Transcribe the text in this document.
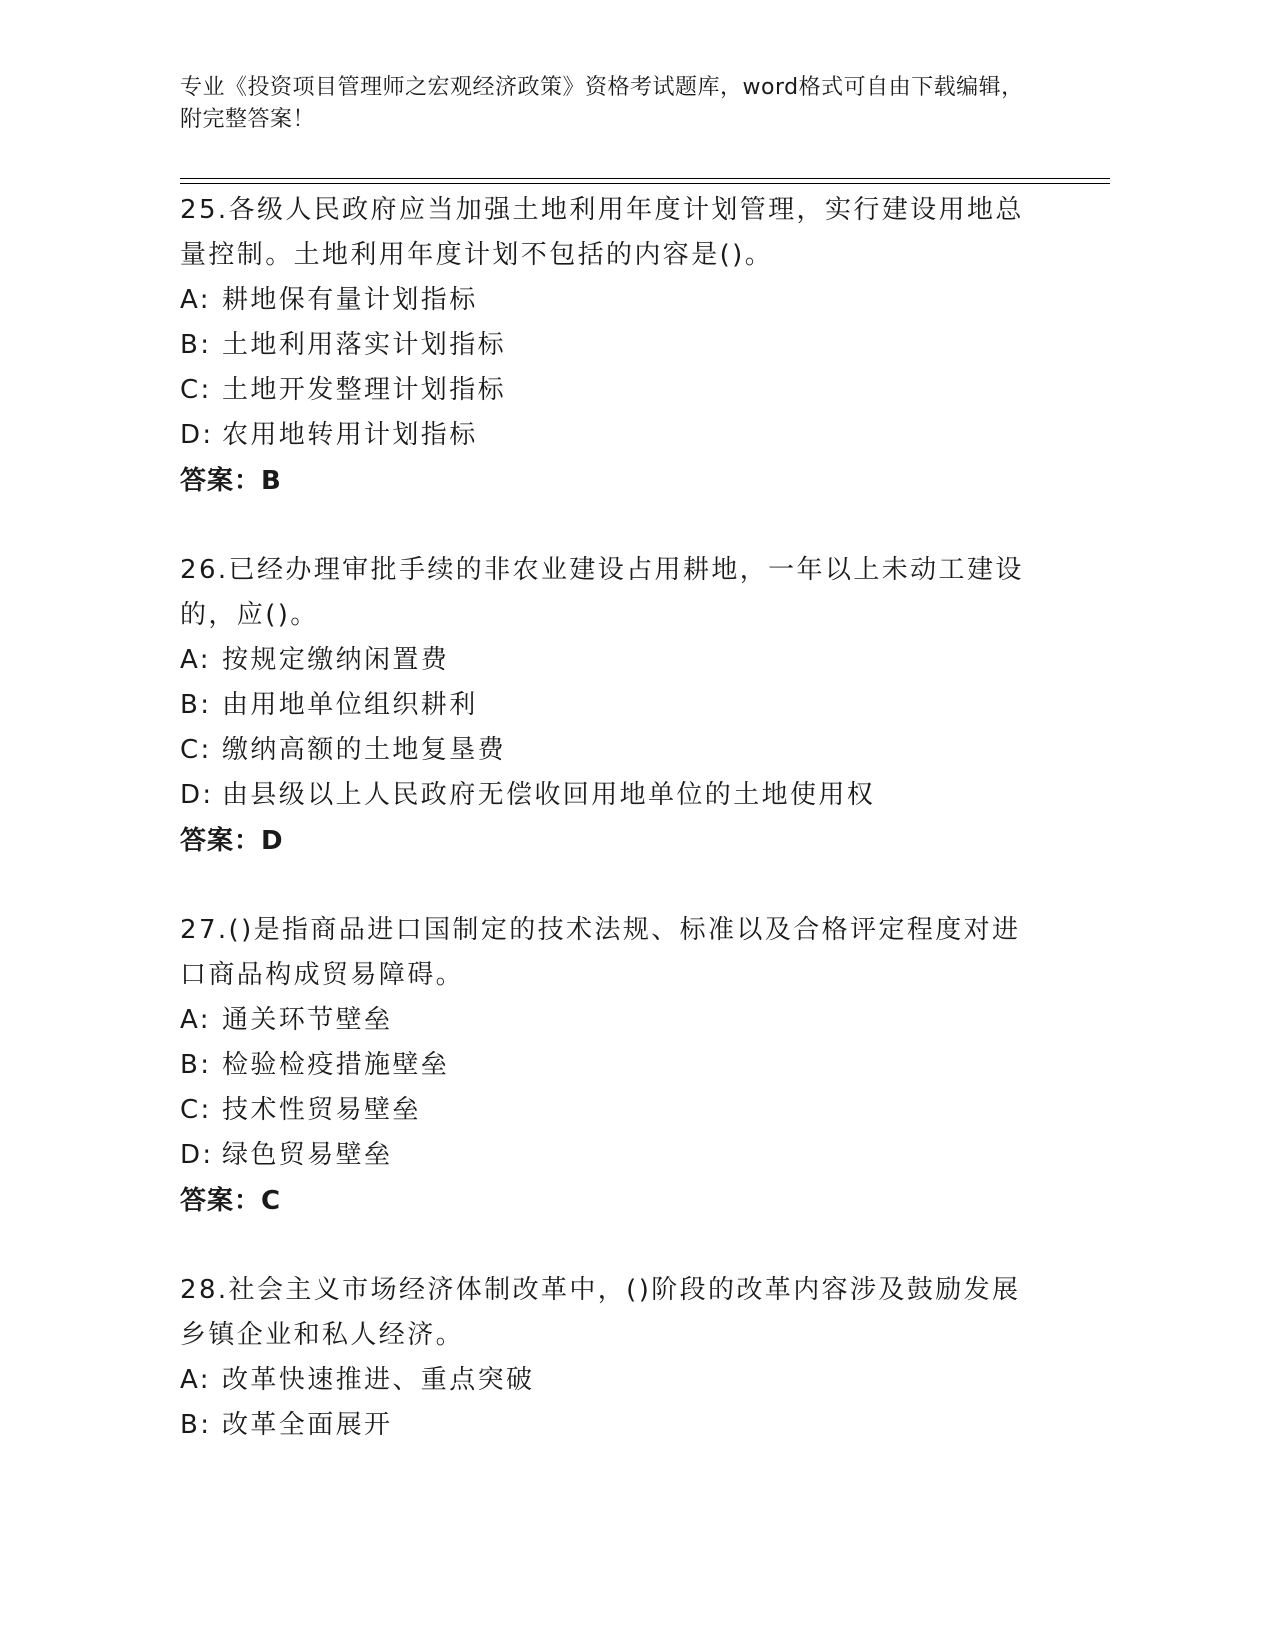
专业《投资项目管理师之宏观经济政策》资格考试题库，word格式可自由下载编辑，附完整答案！

25.各级人民政府应当加强土地利用年度计划管理，实行建设用地总量控制。土地利用年度计划不包括的内容是()。

A: 耕地保有量计划指标

B: 土地利用落实计划指标

C: 土地开发整理计划指标

D: 农用地转用计划指标

答案：B

26.已经办理审批手续的非农业建设占用耕地，一年以上未动工建设的，应()。

A: 按规定缴纳闲置费

B: 由用地单位组织耕利

C: 缴纳高额的土地复垦费

D: 由县级以上人民政府无偿收回用地单位的土地使用权

答案：D

27.()是指商品进口国制定的技术法规、标准以及合格评定程度对进口商品构成贸易障碍。

A: 通关环节壁垒

B: 检验检疫措施壁垒

C: 技术性贸易壁垒

D: 绿色贸易壁垒

答案：C

28.社会主义市场经济体制改革中，()阶段的改革内容涉及鼓励发展乡镇企业和私人经济。

A: 改革快速推进、重点突破

B: 改革全面展开
